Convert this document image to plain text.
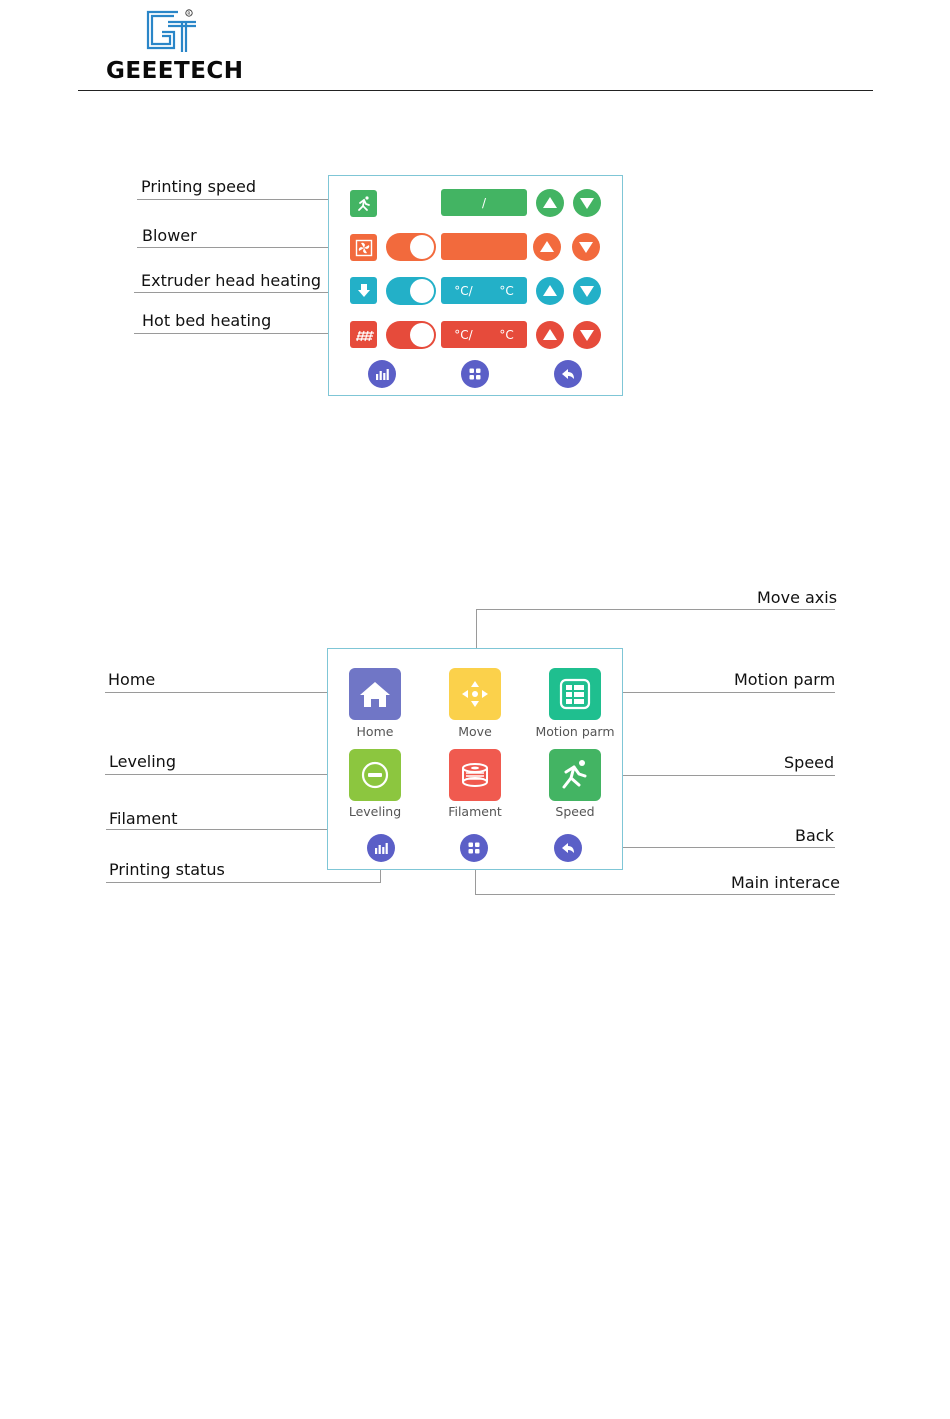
R
GEEETECH
Printing speed
Blower
Extruder head heating
Hot bed heating
/
°C/ °C
°C/ °C
Home
Leveling
Filament
Printing status
Move axis
Motion parm
Speed
Back
Main interace
Home	Move	Motion parm
Leveling	Filament	Speed
